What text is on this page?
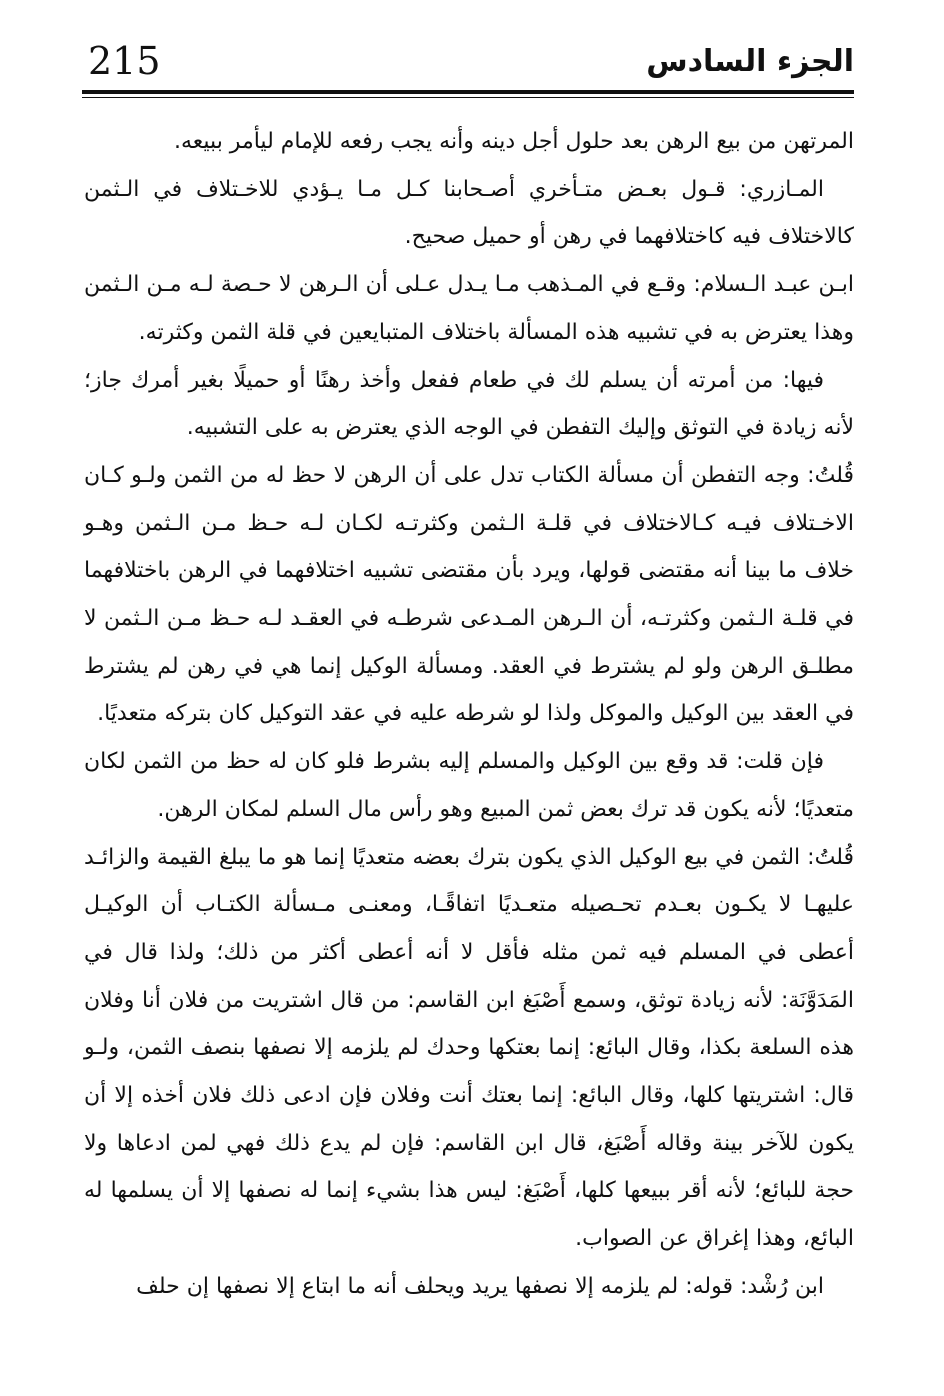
215	الجزء السادس

المرتهن من بيع الرهن بعد حلول أجل دينه وأنه يجب رفعه للإمام ليأمر ببيعه.

المـازري: قـول بعـض متـأخري أصـحابنا كـل مـا يـؤدي للاخـتلاف في الـثمن كالاختلاف فيه كاختلافهما في رهن أو حميل صحيح.

ابـن عبـد الـسلام: وقـع في المـذهب مـا يـدل عـلى أن الـرهن لا حـصة لـه مـن الـثمن وهذا يعترض به في تشبيه هذه المسألة باختلاف المتبايعين في قلة الثمن وكثرته.

فيها: من أمرته أن يسلم لك في طعام ففعل وأخذ رهنًا أو حميلًا بغير أمرك جاز؛ لأنه زيادة في التوثق وإليك التفطن في الوجه الذي يعترض به على التشبيه.

قُلتُ: وجه التفطن أن مسألة الكتاب تدل على أن الرهن لا حظ له من الثمن ولـو كـان الاخـتلاف فيـه كـالاختلاف في قلـة الـثمن وكثرتـه لكـان لـه حـظ مـن الـثمن وهـو خلاف ما بينا أنه مقتضى قولها، ويرد بأن مقتضى تشبيه اختلافهما في الرهن باختلافهما في قلـة الـثمن وكثرتـه، أن الـرهن المـدعى شرطـه في العقـد لـه حـظ مـن الـثمن لا مطلـق الرهن ولو لم يشترط في العقد. ومسألة الوكيل إنما هي في رهن لم يشترط في العقد بين الوكيل والموكل ولذا لو شرطه عليه في عقد التوكيل كان بتركه متعديًا.

فإن قلت: قد وقع بين الوكيل والمسلم إليه بشرط فلو كان له حظ من الثمن لكان متعديًا؛ لأنه يكون قد ترك بعض ثمن المبيع وهو رأس مال السلم لمكان الرهن.

قُلتُ: الثمن في بيع الوكيل الذي يكون بترك بعضه متعديًا إنما هو ما يبلغ القيمة والزائـد عليهـا لا يكـون بعـدم تحـصيله متعـديًا اتفاقًـا، ومعنـى مـسألة الكتـاب أن الوكيـل أعطى في المسلم فيه ثمن مثله فأقل لا أنه أعطى أكثر من ذلك؛ ولذا قال في المَدَوَّنَة: لأنه زيادة توثق، وسمع أَصْبَغ ابن القاسم: من قال اشتريت من فلان أنا وفلان هذه السلعة بكذا، وقال البائع: إنما بعتكها وحدك لم يلزمه إلا نصفها بنصف الثمن، ولـو قال: اشتريتها كلها، وقال البائع: إنما بعتك أنت وفلان فإن ادعى ذلك فلان أخذه إلا أن يكون للآخر بينة وقاله أَصْبَغ، قال ابن القاسم: فإن لم يدع ذلك فهي لمن ادعاها ولا حجة للبائع؛ لأنه أقر ببيعها كلها، أَصْبَغ: ليس هذا بشيء إنما له نصفها إلا أن يسلمها له البائع، وهذا إغراق عن الصواب.

ابن رُشْد: قوله: لم يلزمه إلا نصفها يريد ويحلف أنه ما ابتاع إلا نصفها إن حلف
